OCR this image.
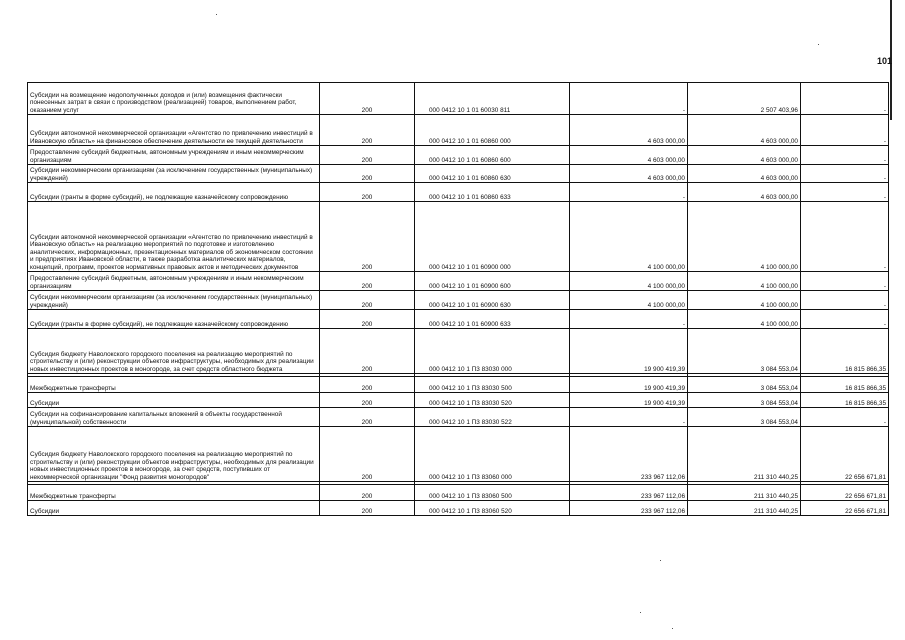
101
Субсидии на возмещение недополученных доходов и (или) возмещения фактически понесенных затрат в связи с производством (реализацией) товаров, выполнением работ, оказанием услуг	200	000 0412 10 1 01 60030 811	-	2 507 403,96	-
Субсидии автономной некоммерческой организации «Агентство по привлечению инвестиций в Ивановскую область» на финансовое обеспечение деятельности ее текущей деятельности	200	000 0412 10 1 01 60860 000	4 603 000,00	4 603 000,00	-
Предоставление субсидий бюджетным, автономным учреждениям и иным некоммерческим организациям	200	000 0412 10 1 01 60860 600	4 603 000,00	4 603 000,00	-
Субсидии некоммерческим организациям (за исключением государственных (муниципальных) учреждений)	200	000 0412 10 1 01 60860 630	4 603 000,00	4 603 000,00	-
Субсидии (гранты в форме субсидий), не подлежащие казначейскому сопровождению	200	000 0412 10 1 01 60860 633	-	4 603 000,00	-
Субсидии автономной некоммерческой организации «Агентство по привлечению инвестиций в Ивановскую область» на реализацию мероприятий по подготовке и изготовлению аналитических, информационных, презентационных материалов об экономическом состоянии и предприятиях Ивановской области, в также разработка аналитических материалов, концепций, программ, проектов нормативных правовых актов и методических документов	200	000 0412 10 1 01 60900 000	4 100 000,00	4 100 000,00	-
Предоставление субсидий бюджетным, автономным учреждениям и иным некоммерческим организациям	200	000 0412 10 1 01 60900 600	4 100 000,00	4 100 000,00	-
Субсидии некоммерческим организациям (за исключением государственных (муниципальных) учреждений)	200	000 0412 10 1 01 60900 630	4 100 000,00	4 100 000,00	-
Субсидии (гранты в форме субсидий), не подлежащие казначейскому сопровождению	200	000 0412 10 1 01 60900 633	-	4 100 000,00	-
Субсидия бюджету Наволокского городского поселения на реализацию мероприятий по строительству и (или) реконструкции объектов инфраструктуры, необходимых для реализации новых инвестиционных проектов в моногороде, за счет средств областного бюджета	200	000 0412 10 1 П3 83030 000	19 900 419,39	3 084 553,04	16 815 866,35

Межбюджетные трансферты	200	000 0412 10 1 П3 83030 500	19 900 419,39	3 084 553,04	16 815 866,35
Субсидии	200	000 0412 10 1 П3 83030 520	19 900 419,39	3 084 553,04	16 815 866,35
Субсидии на софинансирование капитальных вложений в объекты государственной (муниципальной) собственности	200	000 0412 10 1 П3 83030 522	-	3 084 553,04	-
Субсидия бюджету Наволокского городского поселения на реализацию мероприятий по строительству и (или) реконструкции объектов инфраструктуры, необходимых для реализации новых инвестиционных проектов в моногороде, за счет средств, поступивших от некоммерческой организации "Фонд развития моногородов"	200	000 0412 10 1 П3 83060 000	233 967 112,06	211 310 440,25	22 656 671,81

Межбюджетные трансферты	200	000 0412 10 1 П3 83060 500	233 967 112,06	211 310 440,25	22 656 671,81
Субсидии	200	000 0412 10 1 П3 83060 520	233 967 112,06	211 310 440,25	22 656 671,81
